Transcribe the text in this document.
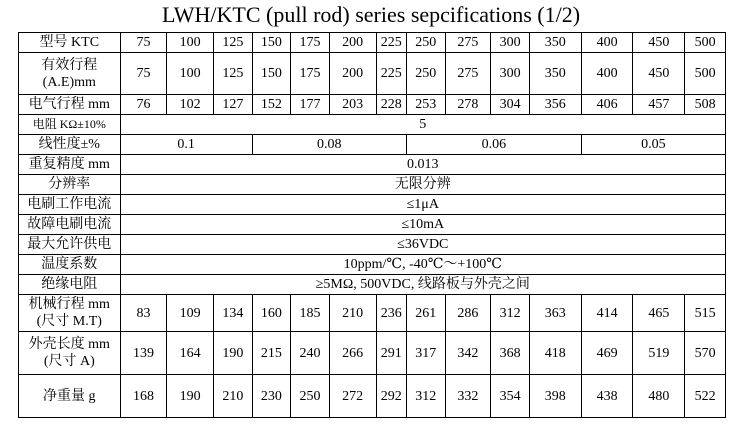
LWH/KTC (pull rod) series sepcifications (1/2)
型号 KTC	75	100	125	150	175	200	225	250	275	300	350	400	450	500
有效行程
(A.E)mm	75	100	125	150	175	200	225	250	275	300	350	400	450	500
电气行程 mm	76	102	127	152	177	203	228	253	278	304	356	406	457	508
电阻 KΩ±10%	5													
线性度±%	0.1			0.08				0.06				0.05		
重复精度 mm	0.013													
分辨率	无限分辨													
电刷工作电流	≤1μA													
故障电刷电流	≤10mA													
最大允许供电	≤36VDC													
温度系数	10ppm/℃, -40℃～+100℃													
绝缘电阻	≥5MΩ, 500VDC, 线路板与外壳之间													
机械行程 mm
(尺寸 M.T)	83	109	134	160	185	210	236	261	286	312	363	414	465	515
外壳长度 mm
(尺寸 A)	139	164	190	215	240	266	291	317	342	368	418	469	519	570
净重量 g	168	190	210	230	250	272	292	312	332	354	398	438	480	522
